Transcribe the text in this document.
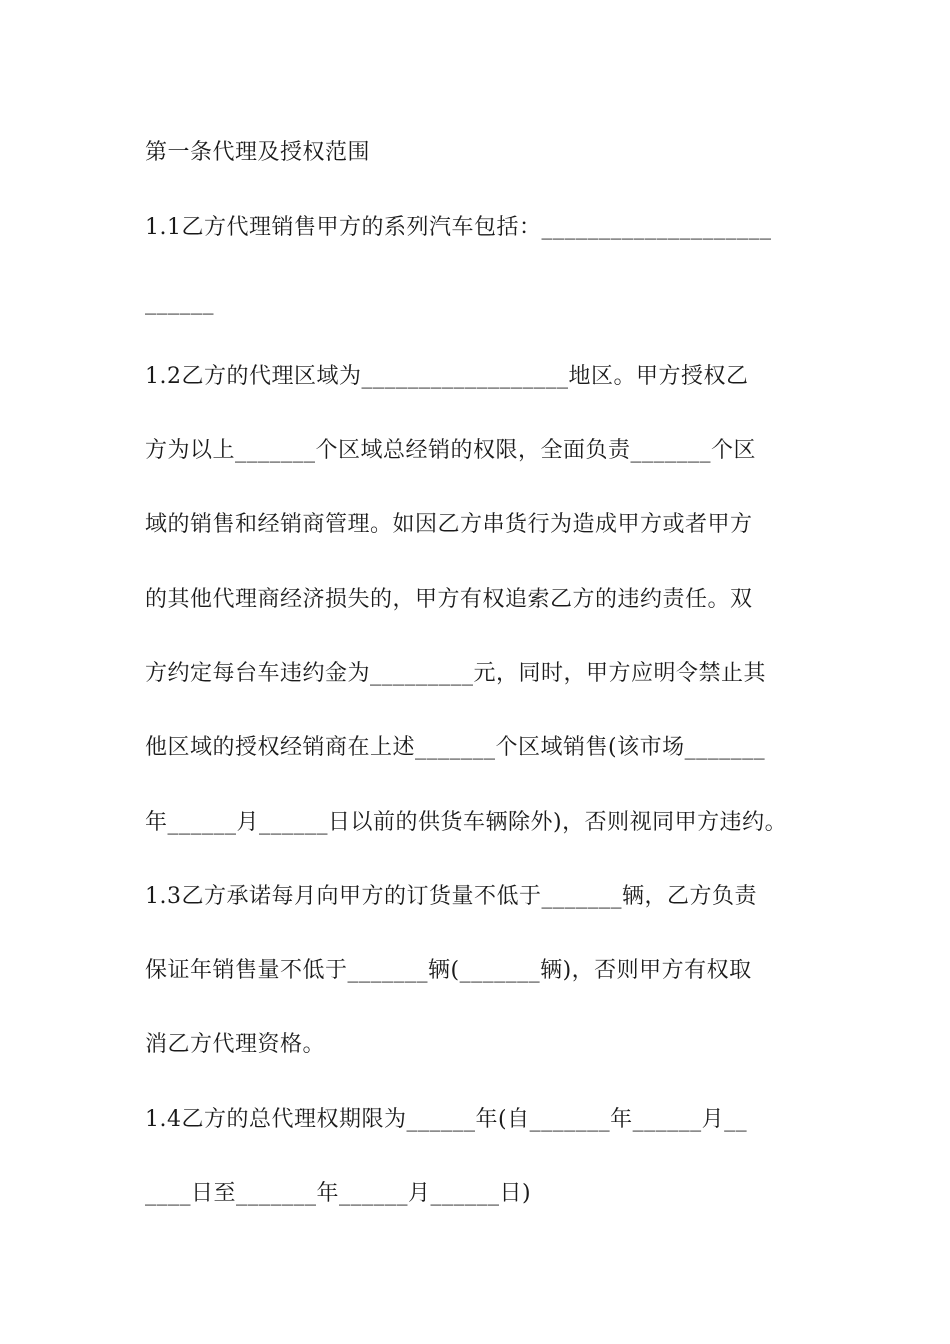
第一条代理及授权范围
1.1乙方代理销售甲方的系列汽车包括：____________________
______
1.2乙方的代理区域为__________________地区。甲方授权乙
方为以上_______个区域总经销的权限，全面负责_______个区
域的销售和经销商管理。如因乙方串货行为造成甲方或者甲方
的其他代理商经济损失的，甲方有权追索乙方的违约责任。双
方约定每台车违约金为_________元，同时，甲方应明令禁止其
他区域的授权经销商在上述_______个区域销售(该市场_______
年______月______日以前的供货车辆除外)，否则视同甲方违约。
1.3乙方承诺每月向甲方的订货量不低于_______辆，乙方负责
保证年销售量不低于_______辆(_______辆)，否则甲方有权取
消乙方代理资格。
1.4乙方的总代理权期限为______年(自_______年______月__
____日至_______年______月______日)
